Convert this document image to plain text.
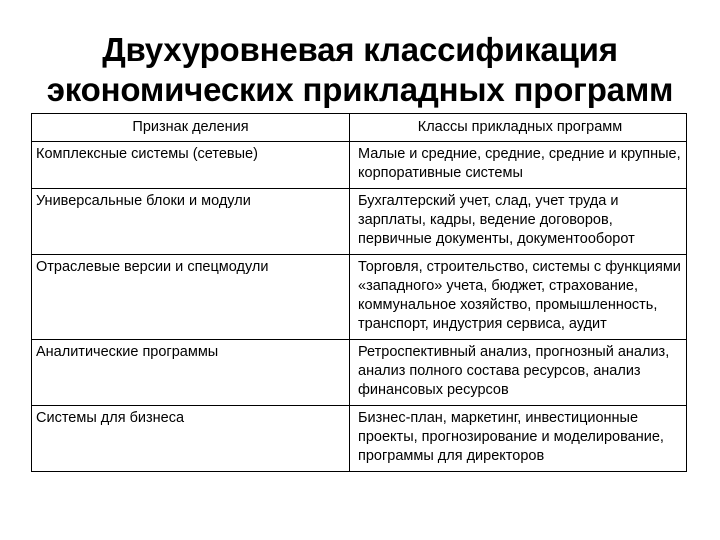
Двухуровневая классификация
экономических прикладных программ
Признак деления	Классы прикладных программ
Комплексные системы (сетевые)	Малые и средние, средние, средние и крупные, корпоративные системы
Универсальные блоки и модули	Бухгалтерский учет, слад, учет труда и зарплаты, кадры, ведение договоров, первичные документы, документооборот
Отраслевые версии и спецмодули	Торговля, строительство, системы с функциями «западного» учета, бюджет, страхование, коммунальное хозяйство, промышленность, транспорт, индустрия сервиса, аудит
Аналитические программы	Ретроспективный анализ, прогнозный анализ, анализ полного состава ресурсов, анализ финансовых ресурсов
Системы для бизнеса	Бизнес-план, маркетинг, инвестиционные проекты, прогнозирование и моделирование, программы для директоров
